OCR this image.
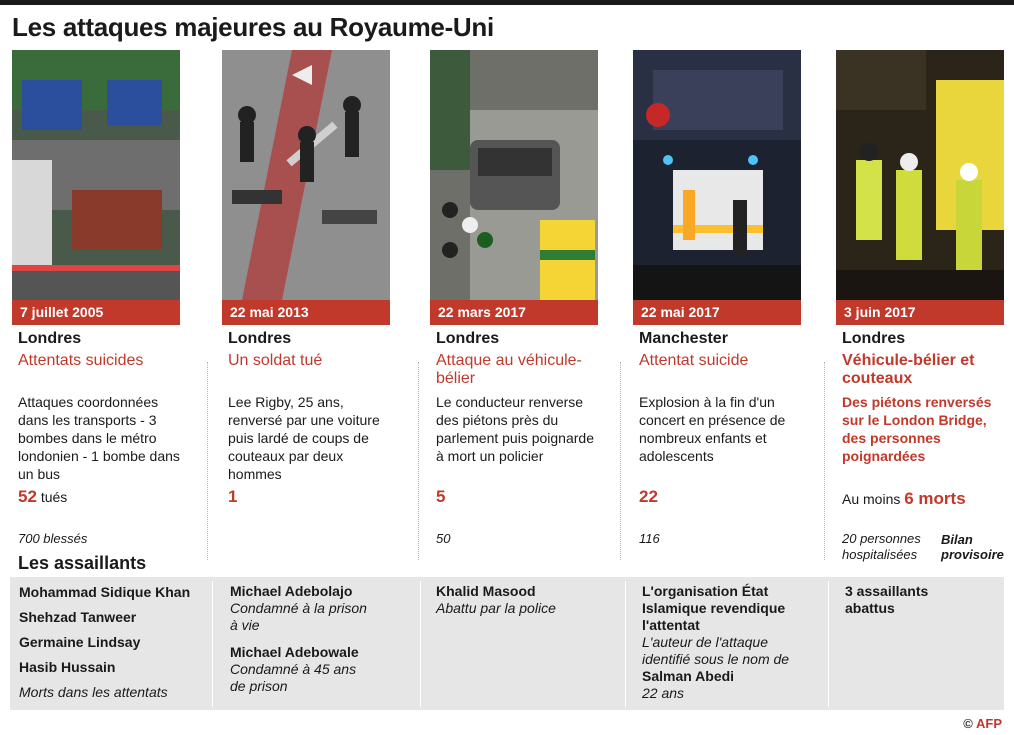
Les attaques majeures au Royaume-Uni
7 juillet 2005
Londres
Attentats suicides
Attaques coordonnées dans les transports - 3 bombes dans le métro londonien - 1 bombe dans un bus
52 tués
700 blessés
22 mai 2013
Londres
Un soldat tué
Lee Rigby, 25 ans, renversé par une voiture puis lardé de coups de couteaux par deux hommes
1
22 mars 2017
Londres
Attaque au véhicule-bélier
Le conducteur renverse des piétons près du parlement puis poignarde à mort un policier
5
50
22 mai 2017
Manchester
Attentat suicide
Explosion à la fin d'un concert en présence de nombreux enfants et adolescents
22
116
3 juin 2017
Londres
Véhicule-bélier et couteaux
Des piétons renversés sur le London Bridge, des personnes poignardées
Au moins 6 morts
20 personnes hospitalisées
Bilan provisoire
Les assaillants
Mohammad Sidique Khan
Shehzad Tanweer
Germaine Lindsay
Hasib Hussain
Morts dans les attentats
Michael Adebolajo
Condamné à la prison à vie
Michael Adebowale
Condamné à 45 ans de prison
Khalid Masood
Abattu par la police
L'organisation État Islamique revendique l'attentat
L'auteur de l'attaque identifié sous le nom de Salman Abedi
22 ans
3 assaillants abattus
© AFP
